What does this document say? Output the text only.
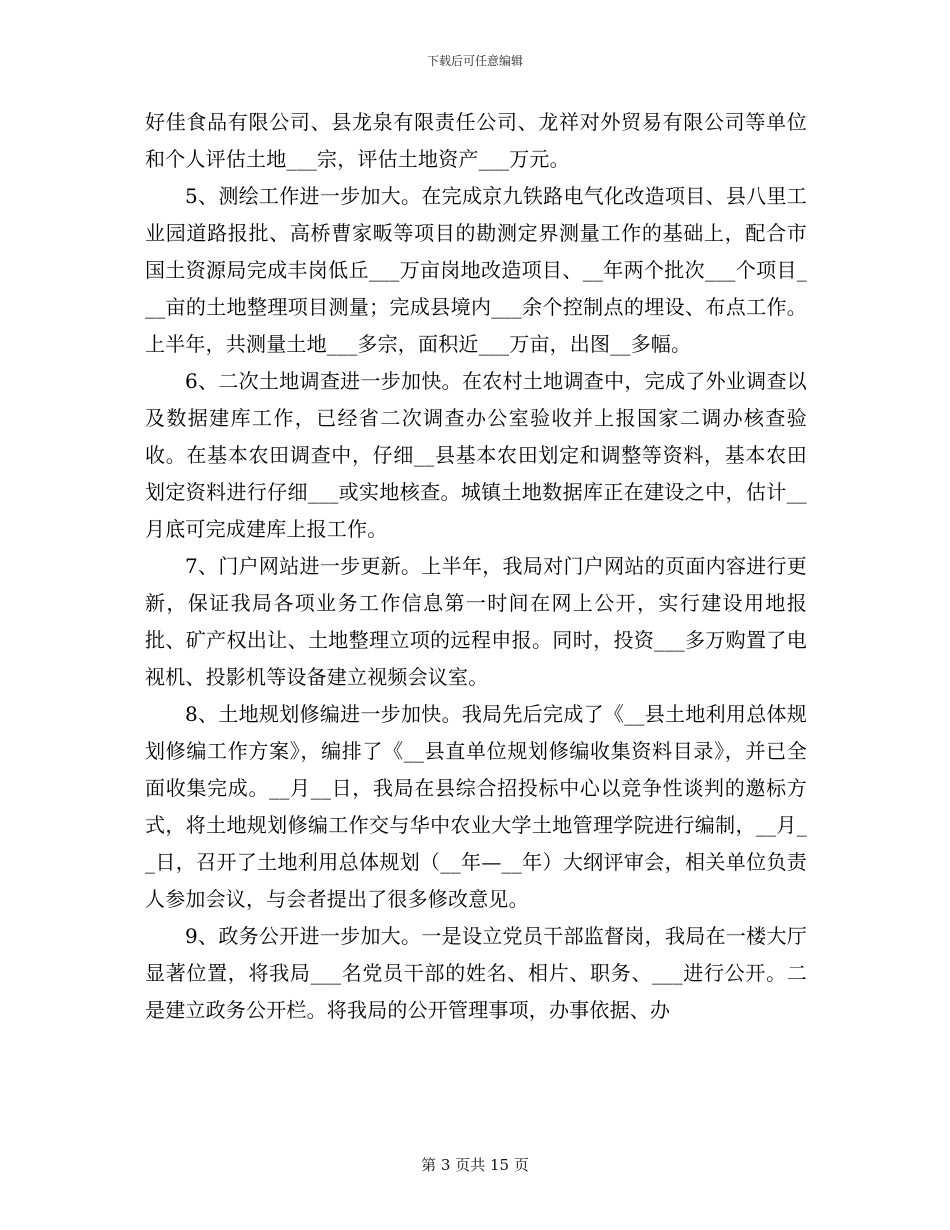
下载后可任意编辑

好佳食品有限公司、县龙泉有限责任公司、龙祥对外贸易有限公司等单位和个人评估土地___宗，评估土地资产___万元。

5、测绘工作进一步加大。在完成京九铁路电气化改造项目、县八里工业园道路报批、高桥曹家畈等项目的勘测定界测量工作的基础上，配合市国土资源局完成丰岗低丘___万亩岗地改造项目、__年两个批次___个项目___亩的土地整理项目测量；完成县境内___余个控制点的埋设、布点工作。上半年，共测量土地___多宗，面积近___万亩，出图__多幅。

6、二次土地调查进一步加快。在农村土地调查中，完成了外业调查以及数据建库工作，已经省二次调查办公室验收并上报国家二调办核查验收。在基本农田调查中，仔细__县基本农田划定和调整等资料，基本农田划定资料进行仔细___或实地核查。城镇土地数据库正在建设之中，估计__月底可完成建库上报工作。

7、门户网站进一步更新。上半年，我局对门户网站的页面内容进行更新，保证我局各项业务工作信息第一时间在网上公开，实行建设用地报批、矿产权出让、土地整理立项的远程申报。同时，投资___多万购置了电视机、投影机等设备建立视频会议室。

8、土地规划修编进一步加快。我局先后完成了《__县土地利用总体规划修编工作方案》，编排了《__县直单位规划修编收集资料目录》，并已全面收集完成。__月__日，我局在县综合招投标中心以竞争性谈判的邀标方式，将土地规划修编工作交与华中农业大学土地管理学院进行编制，__月__日，召开了土地利用总体规划（__年—__年）大纲评审会，相关单位负责人参加会议，与会者提出了很多修改意见。

9、政务公开进一步加大。一是设立党员干部监督岗，我局在一楼大厅显著位置，将我局___名党员干部的姓名、相片、职务、___进行公开。二是建立政务公开栏。将我局的公开管理事项，办事依据、办

第 3 页共 15 页
